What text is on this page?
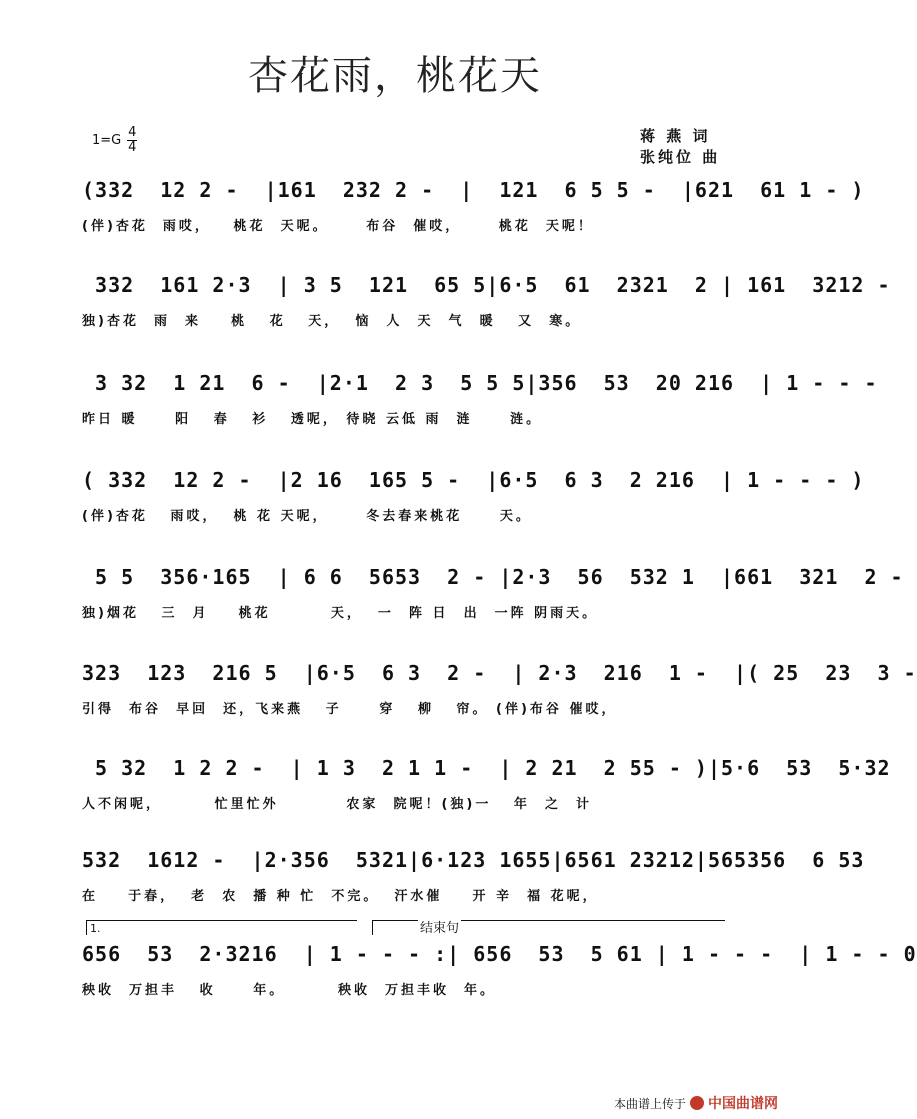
杏花雨，桃花天
1=G
4
4
蒋 燕 词
张纯位 曲
(332  12 2 -  |161  232 2 -  |  121  6 5 5 -  |621  61 1 - )
(伴)杏花  雨哎，   桃花  天呢。     布谷  催哎，     桃花  天呢！
332  161 2·3  | 3 5  121  65 5|6·5  61  2321  2 | 161  3212 -
独)杏花  雨  来    桃   花   天，  恼  人  天  气  暖   又  寒。
3 32  1 21  6 -  |2·1  2 3  5 5 5|356  53  20 216  | 1 - - -
昨日 暖     阳   春   衫   透呢， 待晓 云低 雨  涟     涟。
( 332  12 2 -  |2 16  165 5 -  |6·5  6 3  2 216  | 1 - - - )
(伴)杏花   雨哎，  桃 花 天呢，     冬去春来桃花     天。
5 5  356·165  | 6 6  5653  2 - |2·3  56  532 1  |661  321  2 -
独)烟花   三  月    桃花        天，  一  阵 日  出  一阵 阴雨天。
323  123  216 5  |6·5  6 3  2 -  | 2·3  216  1 -  |( 25  23  3 -
引得  布谷  早回  还，飞来燕   子     穿   柳   帘。 (伴)布谷 催哎，
5 32  1 2 2 -  | 1 3  2 1 1 -  | 2 21  2 55 - )|5·6  53  5·32
人不闲呢，       忙里忙外         农家  院呢！(独)一   年  之  计
532  1612 -  |2·356  5321|6·123 1655|6561 23212|565356  6 53
在    于春，  老  农  播 种 忙  不完。  汗水催    开 辛  福 花呢，
1.	结束句
656  53  2·3216  | 1 - - - :| 656  53  5 61 | 1 - - -  | 1 - - 0
秧收  万担丰   收     年。       秧收  万担丰收  年。
本曲谱上传于 中国曲谱网
